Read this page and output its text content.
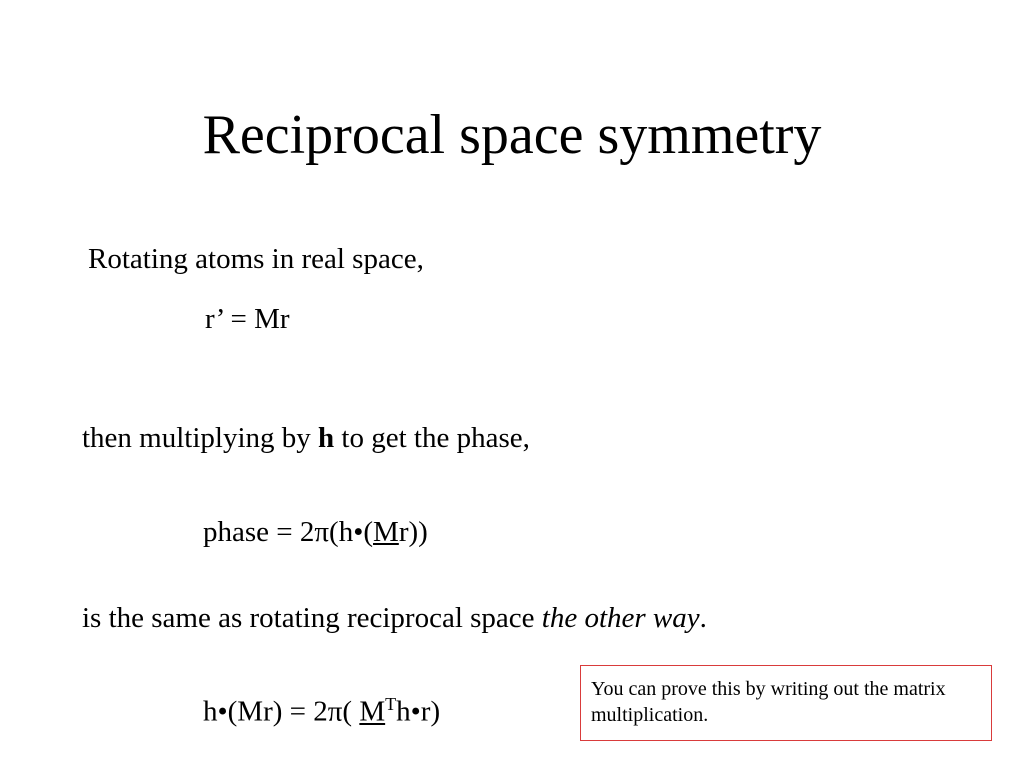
Reciprocal space symmetry
Rotating atoms in real space,
r’ = Mr
then multiplying by h to get the phase,
phase = 2π(h•(Mr))
is the same as rotating reciprocal space the other way.
h•(Mr) = 2π( $M^Th•r$)
You can prove this by writing out the matrix multiplication.
